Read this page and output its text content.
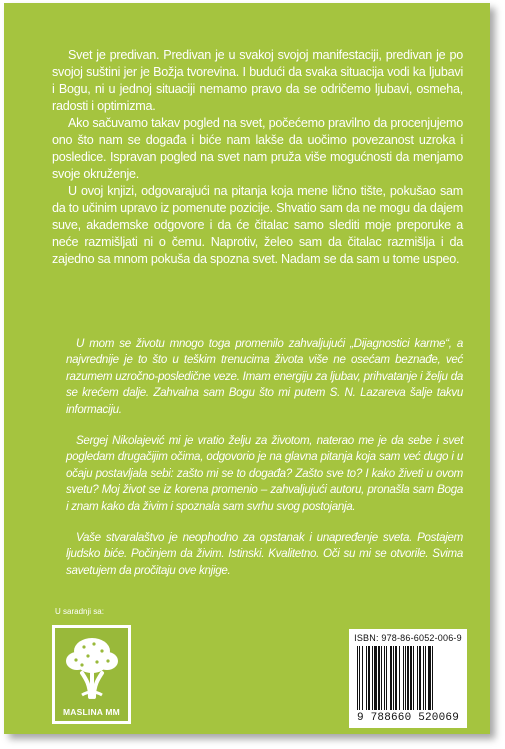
Svet je predivan. Predivan je u svakoj svojoj manifestaciji, predivan je po svojoj suštini jer je Božja tvorevina. I budući da svaka situacija vodi ka ljubavi i Bogu, ni u jednoj situaciji nemamo pravo da se odričemo ljubavi, osmeha, radosti i optimizma.

Ako sačuvamo takav pogled na svet, počećemo pravilno da procenjujemo ono što nam se događa i biće nam lakše da uočimo povezanost uzroka i posledice. Ispravan pogled na svet nam pruža više mogućnosti da menjamo svoje okruženje.

U ovoj knjizi, odgovarajući na pitanja koja mene lično tište, pokušao sam da to učinim upravo iz pomenute pozicije. Shvatio sam da ne mogu da dajem suve, akademske odgovore i da će čitalac samo slediti moje preporuke a neće razmišljati ni o čemu. Naprotiv, želeo sam da čitalac razmišlja i da zajedno sa mnom pokuša da spozna svet. Nadam se da sam u tome uspeo.

U mom se životu mnogo toga promenilo zahvaljujući „Dijagnostici karme“, a najvrednije je to što u teškim trenucima života više ne osećam beznađe, već razumem uzročno-posledične veze. Imam energiju za ljubav, prihvatanje i želju da se krećem dalje. Zahvalna sam Bogu što mi putem S. N. Lazareva šalje takvu informaciju.

Sergej Nikolajević mi je vratio želju za životom, naterao me je da sebe i svet pogledam drugačijim očima, odgovorio je na glavna pitanja koja sam već dugo i u očaju postavljala sebi: zašto mi se to događa? Zašto sve to? I kako živeti u ovom svetu? Moj život se iz korena promenio – zahvaljujući autoru, pronašla sam Boga i znam kako da živim i spoznala sam svrhu svog postojanja.

Vaše stvaralaštvo je neophodno za opstanak i unapređenje sveta. Postajem ljudsko biće. Počinjem da živim. Istinski. Kvalitetno. Oči su mi se otvorile. Svima savetujem da pročitaju ove knjige.

U saradnji sa:
MASLINA MM
ISBN: 978-86-6052-006-9
9 788660 520069
